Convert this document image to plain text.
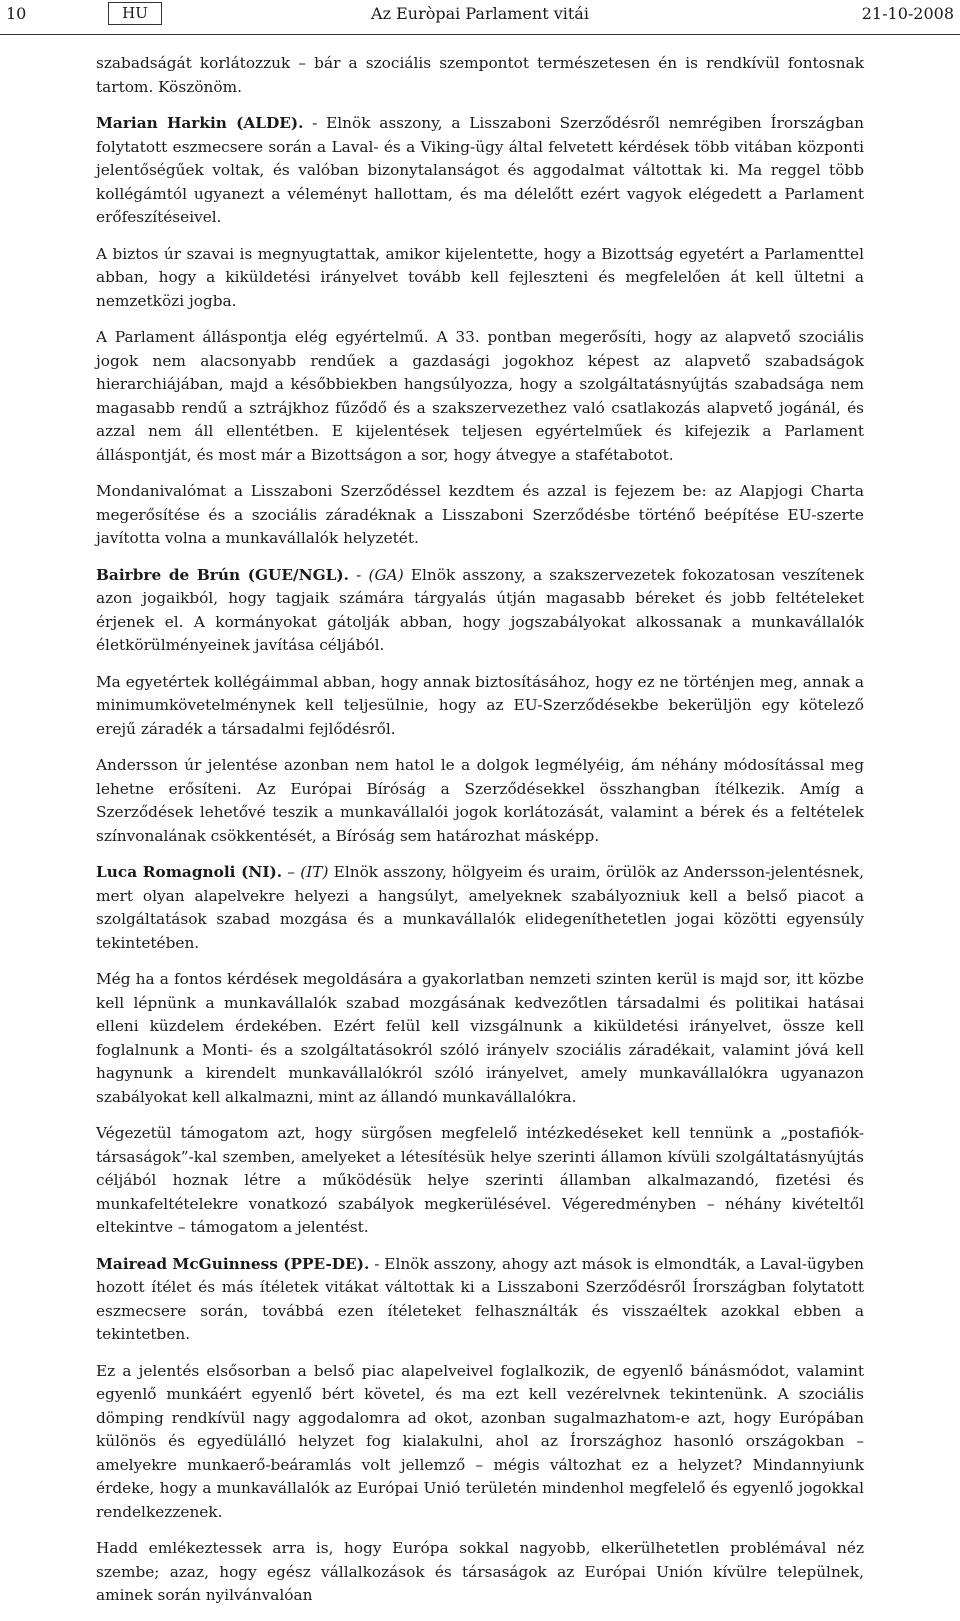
10	HU	Az Euròpai Parlament vitái	21-10-2008

szabadságát korlátozzuk – bár a szociális szempontot természetesen én is rendkívül fontosnak tartom. Köszönöm.

Marian Harkin (ALDE). - Elnök asszony, a Lisszaboni Szerződésről nemrégiben Írországban folytatott eszmecsere során a Laval- és a Viking-ügy által felvetett kérdések több vitában központi jelentőségűek voltak, és valóban bizonytalanságot és aggodalmat váltottak ki. Ma reggel több kollégámtól ugyanezt a véleményt hallottam, és ma délelőtt ezért vagyok elégedett a Parlament erőfeszítéseivel.

A biztos úr szavai is megnyugtattak, amikor kijelentette, hogy a Bizottság egyetért a Parlamenttel abban, hogy a kiküldetési irányelvet tovább kell fejleszteni és megfelelően át kell ültetni a nemzetközi jogba.

A Parlament álláspontja elég egyértelmű. A 33. pontban megerősíti, hogy az alapvető szociális jogok nem alacsonyabb rendűek a gazdasági jogokhoz képest az alapvető szabadságok hierarchiájában, majd a későbbiekben hangsúlyozza, hogy a szolgáltatásnyújtás szabadsága nem magasabb rendű a sztrájkhoz fűződő és a szakszervezethez való csatlakozás alapvető jogánál, és azzal nem áll ellentétben. E kijelentések teljesen egyértelműek és kifejezik a Parlament álláspontját, és most már a Bizottságon a sor, hogy átvegye a stafétabotot.

Mondanivalómat a Lisszaboni Szerződéssel kezdtem és azzal is fejezem be: az Alapjogi Charta megerősítése és a szociális záradéknak a Lisszaboni Szerződésbe történő beépítése EU-szerte javította volna a munkavállalók helyzetét.

Bairbre de Brún (GUE/NGL). - (GA) Elnök asszony, a szakszervezetek fokozatosan veszítenek azon jogaikból, hogy tagjaik számára tárgyalás útján magasabb béreket és jobb feltételeket érjenek el. A kormányokat gátolják abban, hogy jogszabályokat alkossanak a munkavállalók életkörülményeinek javítása céljából.

Ma egyetértek kollégáimmal abban, hogy annak biztosításához, hogy ez ne történjen meg, annak a minimumkövetelménynek kell teljesülnie, hogy az EU-Szerződésekbe bekerüljön egy kötelező erejű záradék a társadalmi fejlődésről.

Andersson úr jelentése azonban nem hatol le a dolgok legmélyéig, ám néhány módosítással meg lehetne erősíteni. Az Európai Bíróság a Szerződésekkel összhangban ítélkezik. Amíg a Szerződések lehetővé teszik a munkavállalói jogok korlátozását, valamint a bérek és a feltételek színvonalának csökkentését, a Bíróság sem határozhat másképp.

Luca Romagnoli (NI). – (IT) Elnök asszony, hölgyeim és uraim, örülök az Andersson-jelentésnek, mert olyan alapelvekre helyezi a hangsúlyt, amelyeknek szabályozniuk kell a belső piacot a szolgáltatások szabad mozgása és a munkavállalók elidegeníthetetlen jogai közötti egyensúly tekintetében.

Még ha a fontos kérdések megoldására a gyakorlatban nemzeti szinten kerül is majd sor, itt közbe kell lépnünk a munkavállalók szabad mozgásának kedvezőtlen társadalmi és politikai hatásai elleni küzdelem érdekében. Ezért felül kell vizsgálnunk a kiküldetési irányelvet, össze kell foglalnunk a Monti- és a szolgáltatásokról szóló irányelv szociális záradékait, valamint jóvá kell hagynunk a kirendelt munkavállalókról szóló irányelvet, amely munkavállalókra ugyanazon szabályokat kell alkalmazni, mint az állandó munkavállalókra.

Végezetül támogatom azt, hogy sürgősen megfelelő intézkedéseket kell tennünk a „postafiók-társaságok”-kal szemben, amelyeket a létesítésük helye szerinti államon kívüli szolgáltatásnyújtás céljából hoznak létre a működésük helye szerinti államban alkalmazandó, fizetési és munkafeltételekre vonatkozó szabályok megkerülésével. Végeredményben – néhány kivételtől eltekintve – támogatom a jelentést.

Mairead McGuinness (PPE-DE). - Elnök asszony, ahogy azt mások is elmondták, a Laval-ügyben hozott ítélet és más ítéletek vitákat váltottak ki a Lisszaboni Szerződésről Írországban folytatott eszmecsere során, továbbá ezen ítéleteket felhasználták és visszaéltek azokkal ebben a tekintetben.

Ez a jelentés elsősorban a belső piac alapelveivel foglalkozik, de egyenlő bánásmódot, valamint egyenlő munkáért egyenlő bért követel, és ma ezt kell vezérelvnek tekintenünk. A szociális dömping rendkívül nagy aggodalomra ad okot, azonban sugalmazhatom-e azt, hogy Európában különös és egyedülálló helyzet fog kialakulni, ahol az Írországhoz hasonló országokban – amelyekre munkaerő-beáramlás volt jellemző – mégis változhat ez a helyzet? Mindannyiunk érdeke, hogy a munkavállalók az Európai Unió területén mindenhol megfelelő és egyenlő jogokkal rendelkezzenek.

Hadd emlékeztessek arra is, hogy Európa sokkal nagyobb, elkerülhetetlen problémával néz szembe; azaz, hogy egész vállalkozások és társaságok az Európai Unión kívülre települnek, aminek során nyilvánvalóan
